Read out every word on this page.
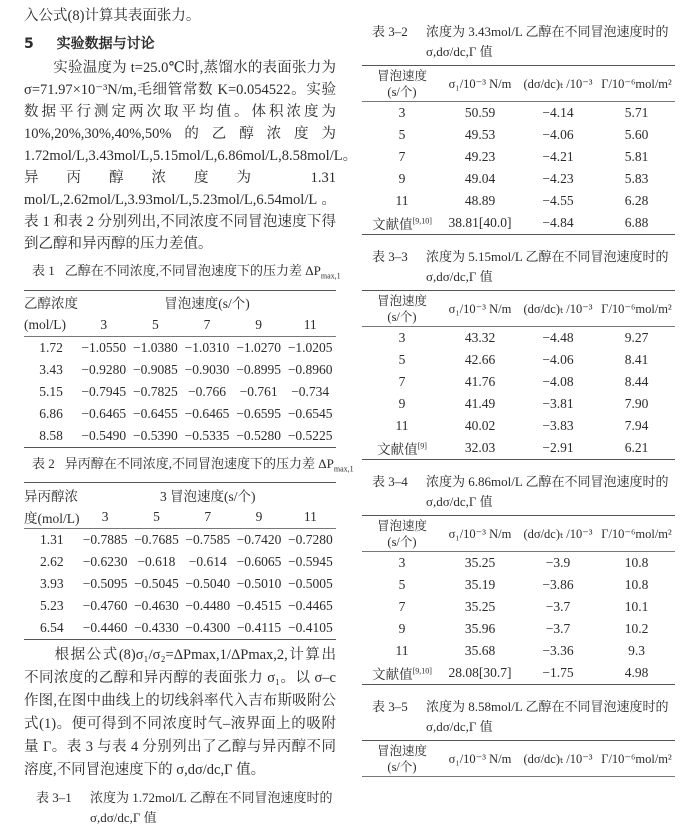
入公式(8)计算其表面张力。

5 实验数据与讨论

实验温度为 t=25.0℃时,蒸馏水的表面张力为 σ=71.97×10⁻³N/m,毛细管常数 K=0.054522。实验数据平行测定两次取平均值。体积浓度为 10%,20%,30%,40%,50%的乙醇浓度为 1.72mol/L,3.43mol/L,5.15mol/L,6.86mol/L,8.58mol/L。异丙醇浓度为 1.31 mol/L,2.62mol/L,3.93mol/L,5.23mol/L,6.54mol/L。表 1 和表 2 分别列出,不同浓度不同冒泡速度下得到乙醇和异丙醇的压力差值。

表 1 乙醇在不同浓度,不同冒泡速度下的压力差 $\Delta P_{max,1}$
乙醇浓度	冒泡速度(s/个)				
(mol/L)	3	5	7	9	11
1.72	−1.0550	−1.0380	−1.0310	−1.0270	−1.0205
3.43	−0.9280	−0.9085	−0.9030	−0.8995	−0.8960
5.15	−0.7945	−0.7825	−0.766	−0.761	−0.734
6.86	−0.6465	−0.6455	−0.6465	−0.6595	−0.6545
8.58	−0.5490	−0.5390	−0.5335	−0.5280	−0.5225
表 2 异丙醇在不同浓度,不同冒泡速度下的压力差 $\Delta P_{max,1}$
异丙醇浓	3 冒泡速度(s/个)				
度(mol/L)	3	5	7	9	11
1.31	−0.7885	−0.7685	−0.7585	−0.7420	−0.7280
2.62	−0.6230	−0.618	−0.614	−0.6065	−0.5945
3.93	−0.5095	−0.5045	−0.5040	−0.5010	−0.5005
5.23	−0.4760	−0.4630	−0.4480	−0.4515	−0.4465
6.54	−0.4460	−0.4330	−0.4300	−0.4115	−0.4105

根据公式(8)σ₁/σ₂=ΔPmax,1/ΔPmax,2,计算出不同浓度的乙醇和异丙醇的表面张力 σ₁。以 σ–c 作图,在图中曲线上的切线斜率代入吉布斯吸附公式(1)。便可得到不同浓度时气–液界面上的吸附量 Γ。表 3 与表 4 分别列出了乙醇与异丙醇不同溶度,不同冒泡速度下的 σ,dσ/dc,Γ 值。

表 3–1 浓度为 1.72mol/L 乙醇在不同冒泡速度时的
σ,dσ/dc,Γ 值
表 3–2 浓度为 3.43mol/L 乙醇在不同冒泡速度时的
σ,dσ/dc,Γ 值
冒泡速度
(s/个)	σ₁/10⁻³ N/m	(dσ/dc)ₜ /10⁻³	Γ/10⁻⁶mol/m²
3	50.59	−4.14	5.71
5	49.53	−4.06	5.60
7	49.23	−4.21	5.81
9	49.04	−4.23	5.83
11	48.89	−4.55	6.28
文献值[9,10]	38.81[40.0]	−4.84	6.88
表 3–3 浓度为 5.15mol/L 乙醇在不同冒泡速度时的
σ,dσ/dc,Γ 值
冒泡速度
(s/个)	σ₁/10⁻³ N/m	(dσ/dc)ₜ /10⁻³	Γ/10⁻⁶mol/m²
3	43.32	−4.48	9.27
5	42.66	−4.06	8.41
7	41.76	−4.08	8.44
9	41.49	−3.81	7.90
11	40.02	−3.83	7.94
文献值[9]	32.03	−2.91	6.21
表 3–4 浓度为 6.86mol/L 乙醇在不同冒泡速度时的
σ,dσ/dc,Γ 值
冒泡速度
(s/个)	σ₁/10⁻³ N/m	(dσ/dc)ₜ /10⁻³	Γ/10⁻⁶mol/m²
3	35.25	−3.9	10.8
5	35.19	−3.86	10.8
7	35.25	−3.7	10.1
9	35.96	−3.7	10.2
11	35.68	−3.36	9.3
文献值[9,10]	28.08[30.7]	−1.75	4.98
表 3–5 浓度为 8.58mol/L 乙醇在不同冒泡速度时的
σ,dσ/dc,Γ 值
冒泡速度
(s/个)
	σ₁/10⁻³ N/m	(dσ/dc)ₜ /10⁻³	Γ/10⁻⁶mol/m²
